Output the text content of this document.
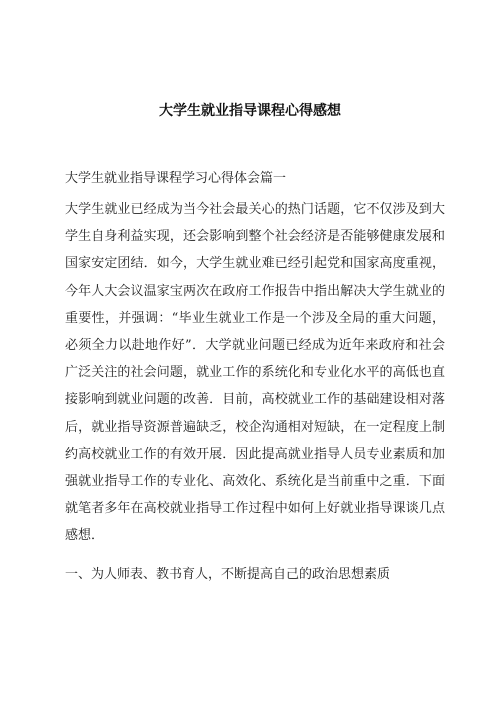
大学生就业指导课程心得感想
大学生就业指导课程学习心得体会篇一

大学生就业已经成为当今社会最关心的热门话题，它不仅涉及到大学生自身利益实现，还会影响到整个社会经济是否能够健康发展和国家安定团结．如今，大学生就业难已经引起党和国家高度重视，今年人大会议温家宝两次在政府工作报告中指出解决大学生就业的重要性，并强调：“毕业生就业工作是一个涉及全局的重大问题，必须全力以赴地作好”．大学就业问题已经成为近年来政府和社会广泛关注的社会问题，就业工作的系统化和专业化水平的高低也直接影响到就业问题的改善．目前，高校就业工作的基础建设相对落后，就业指导资源普遍缺乏，校企沟通相对短缺，在一定程度上制约高校就业工作的有效开展．因此提高就业指导人员专业素质和加强就业指导工作的专业化、高效化、系统化是当前重中之重．下面就笔者多年在高校就业指导工作过程中如何上好就业指导课谈几点感想．

一、为人师表、教书育人，不断提高自己的政治思想素质
